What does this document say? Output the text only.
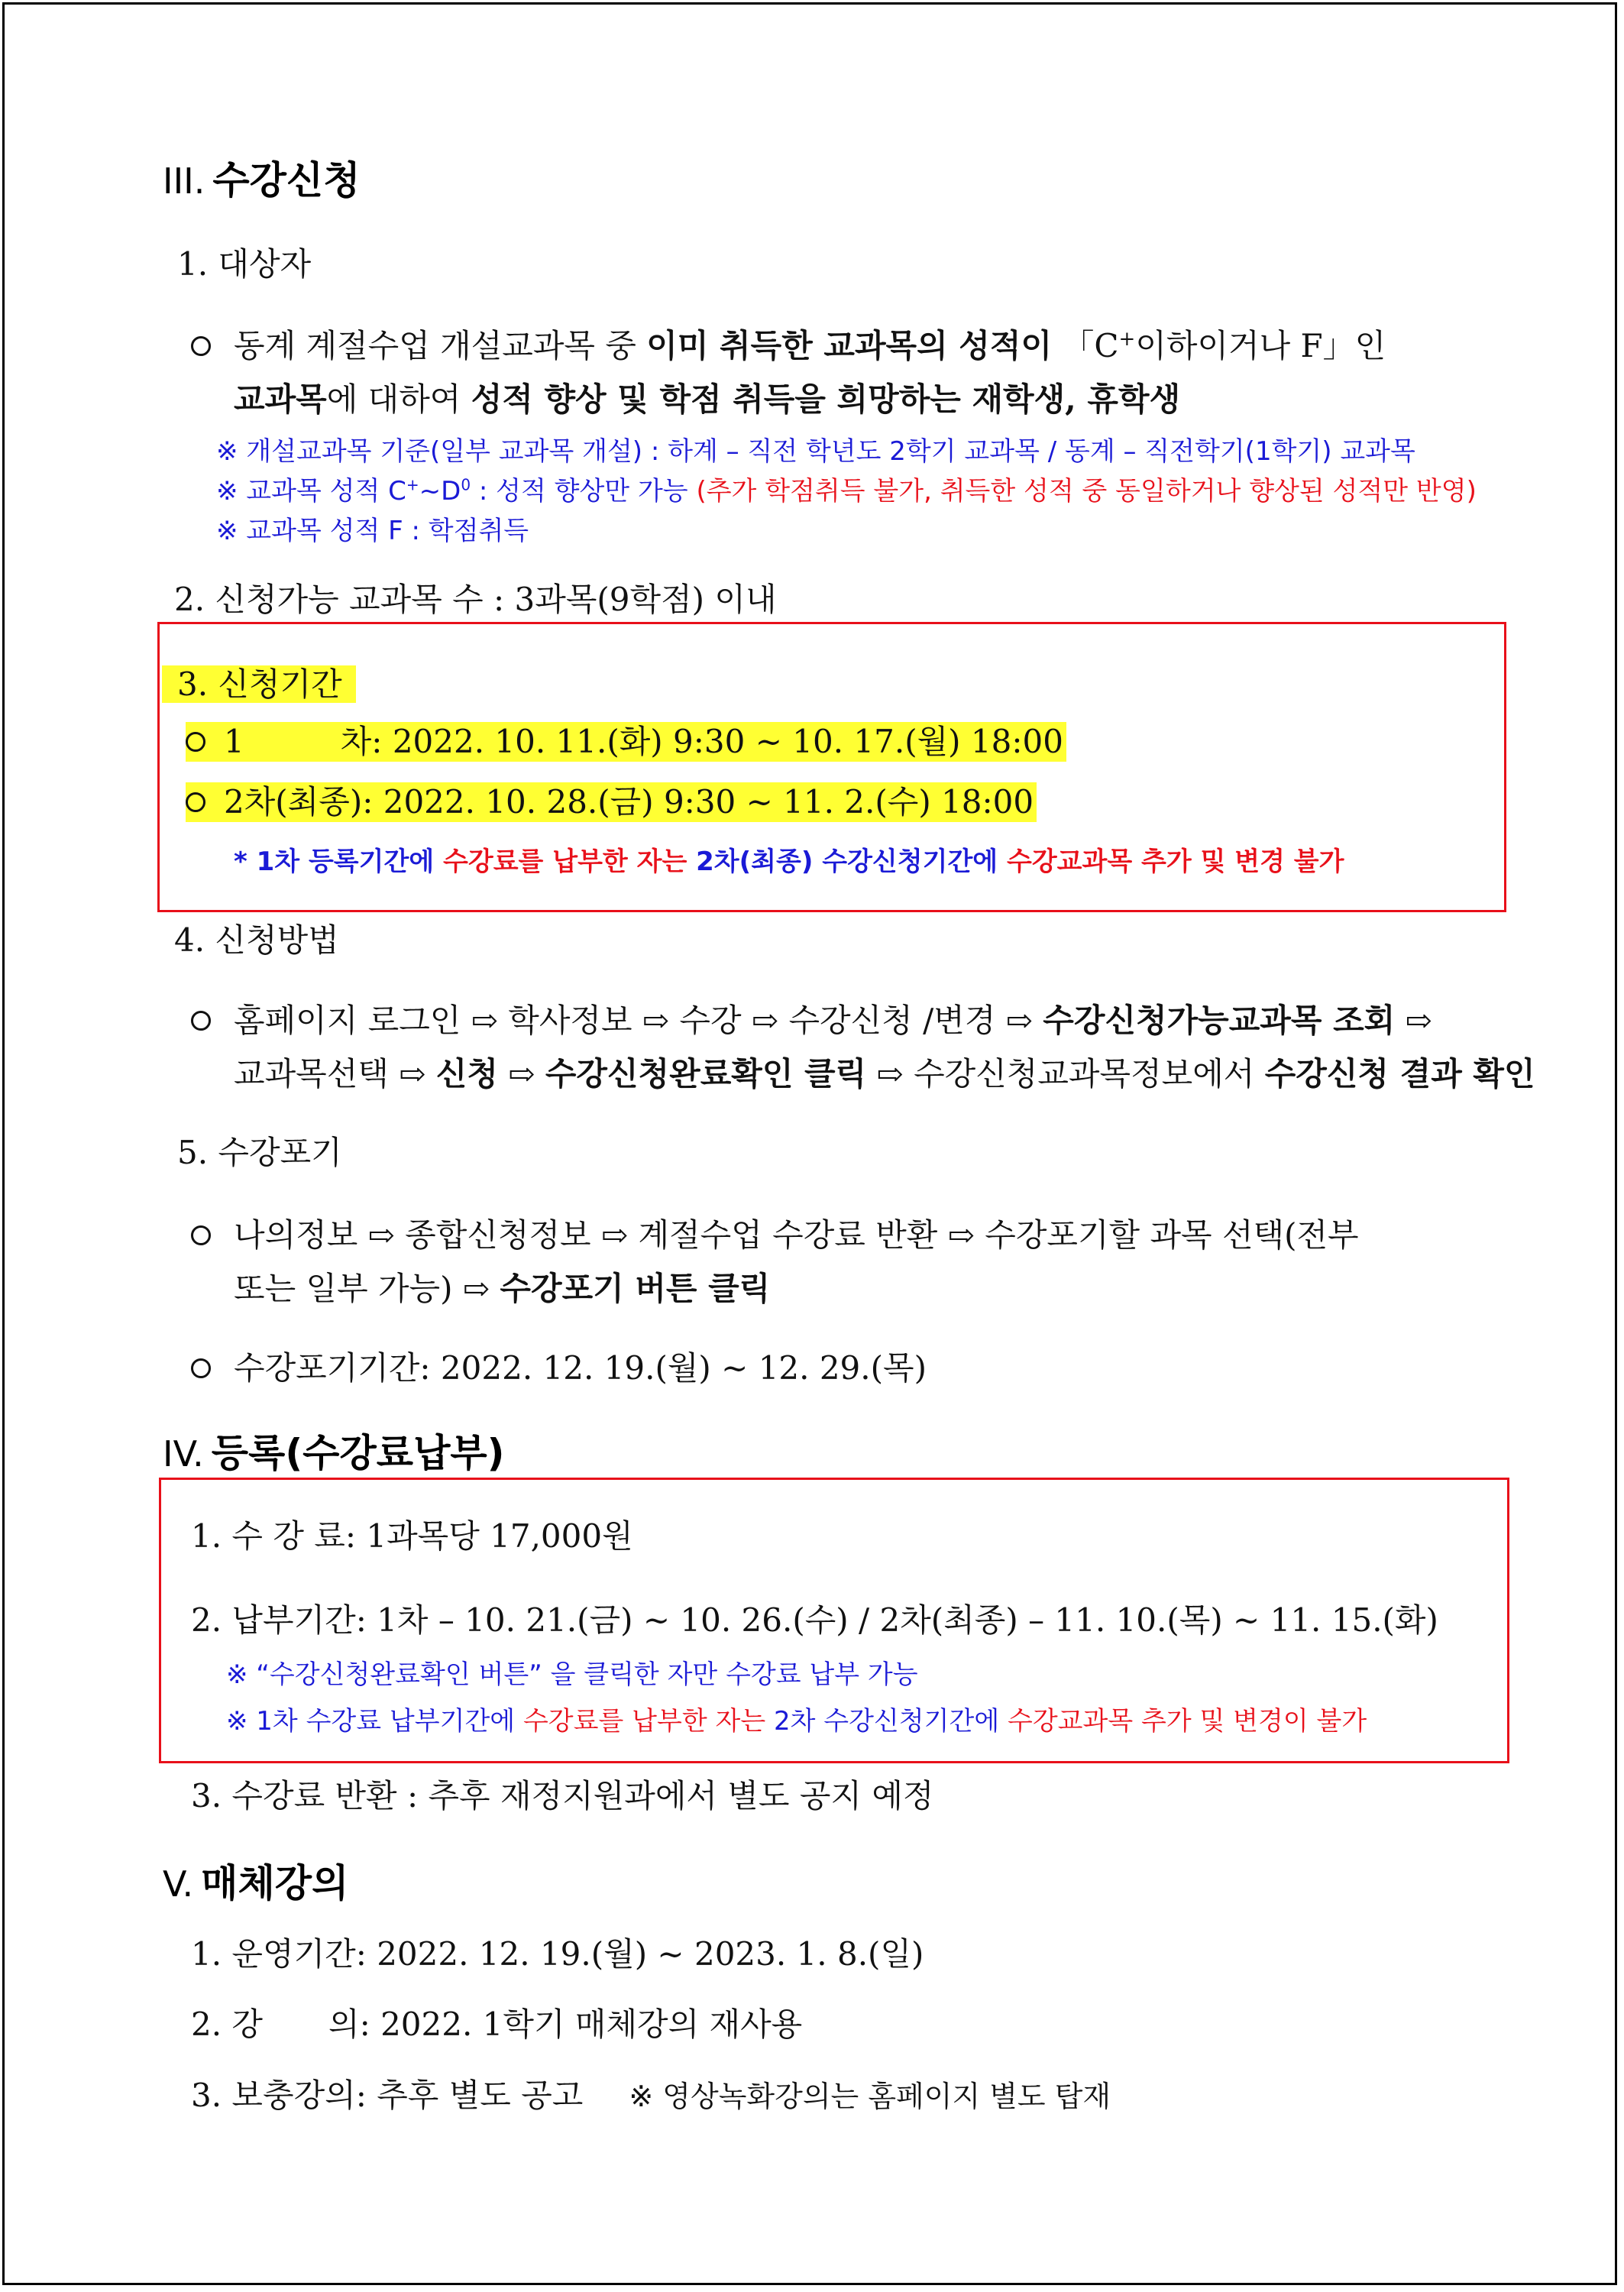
III. 수강신청
1. 대상자
동계 계절수업 개설교과목 중 이미 취득한 교과목의 성적이 「C+이하이거나 F」인
교과목에 대하여 성적 향상 및 학점 취득을 희망하는 재학생, 휴학생
※ 개설교과목 기준(일부 교과목 개설) : 하계 – 직전 학년도 2학기 교과목 / 동계 – 직전학기(1학기) 교과목
※ 교과목 성적 $C^+\sim D^0$ : 성적 향상만 가능 (추가 학점취득 불가, 취득한 성적 중 동일하거나 향상된 성적만 반영)
※ 교과목 성적 F : 학점취득
2. 신청가능 교과목 수 : 3과목(9학점) 이내
3. 신청기간
1	차: 2022. 10. 11.(화) 9:30 ~ 10. 17.(월) 18:00
2차(최종): 2022. 10. 28.(금) 9:30 ~ 11. 2.(수) 18:00
* 1차 등록기간에 수강료를 납부한 자는 2차(최종) 수강신청기간에 수강교과목 추가 및 변경 불가
4. 신청방법
홈페이지 로그인 ⇨ 학사정보 ⇨ 수강 ⇨ 수강신청 /변경 ⇨ 수강신청가능교과목 조회 ⇨
교과목선택 ⇨ 신청 ⇨ 수강신청완료확인 클릭 ⇨ 수강신청교과목정보에서 수강신청 결과 확인
5. 수강포기
나의정보 ⇨ 종합신청정보 ⇨ 계절수업 수강료 반환 ⇨ 수강포기할 과목 선택(전부
또는 일부 가능) ⇨ 수강포기 버튼 클릭
수강포기기간: 2022. 12. 19.(월) ~ 12. 29.(목)
IV. 등록(수강료납부)
1. 수 강 료: 1과목당 17,000원
2. 납부기간: 1차 – 10. 21.(금) ~ 10. 26.(수) / 2차(최종) – 11. 10.(목) ~ 11. 15.(화)
※ “수강신청완료확인 버튼” 을 클릭한 자만 수강료 납부 가능
※ 1차 수강료 납부기간에 수강료를 납부한 자는 2차 수강신청기간에 수강교과목 추가 및 변경이 불가
3. 수강료 반환 : 추후 재정지원과에서 별도 공지 예정
V. 매체강의
1. 운영기간: 2022. 12. 19.(월) ~ 2023. 1. 8.(일)
2. 강 의: 2022. 1학기 매체강의 재사용
3. 보충강의: 추후 별도 공고 ※ 영상녹화강의는 홈페이지 별도 탑재
